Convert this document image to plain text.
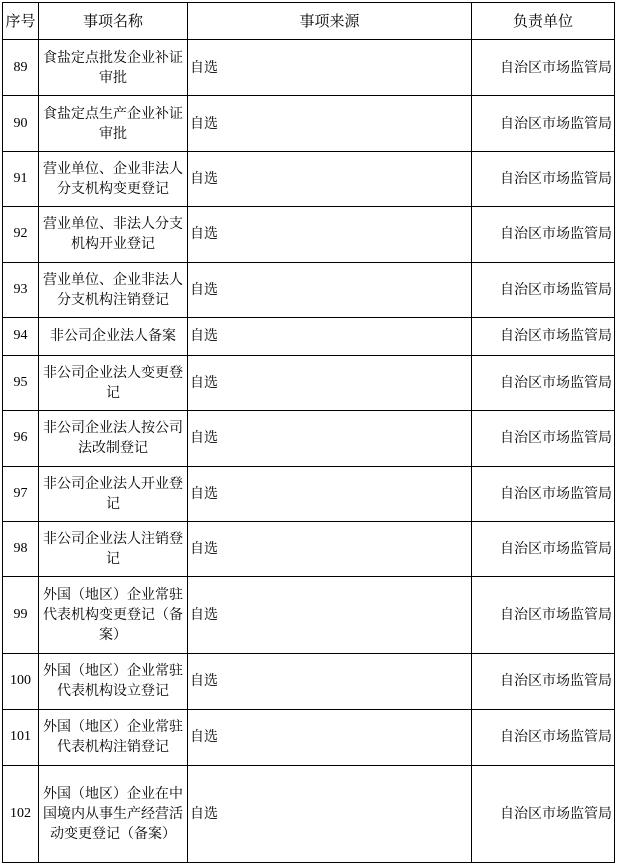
序号	事项名称	事项来源	负责单位
89	食盐定点批发企业补证审批	自选	自治区市场监管局
90	食盐定点生产企业补证审批	自选	自治区市场监管局
91	营业单位、企业非法人分支机构变更登记	自选	自治区市场监管局
92	营业单位、非法人分支机构开业登记	自选	自治区市场监管局
93	营业单位、企业非法人分支机构注销登记	自选	自治区市场监管局
94	非公司企业法人备案	自选	自治区市场监管局
95	非公司企业法人变更登记	自选	自治区市场监管局
96	非公司企业法人按公司法改制登记	自选	自治区市场监管局
97	非公司企业法人开业登记	自选	自治区市场监管局
98	非公司企业法人注销登记	自选	自治区市场监管局
99	外国（地区）企业常驻代表机构变更登记（备案）	自选	自治区市场监管局
100	外国（地区）企业常驻代表机构设立登记	自选	自治区市场监管局
101	外国（地区）企业常驻代表机构注销登记	自选	自治区市场监管局
102	外国（地区）企业在中国境内从事生产经营活动变更登记（备案）	自选	自治区市场监管局
